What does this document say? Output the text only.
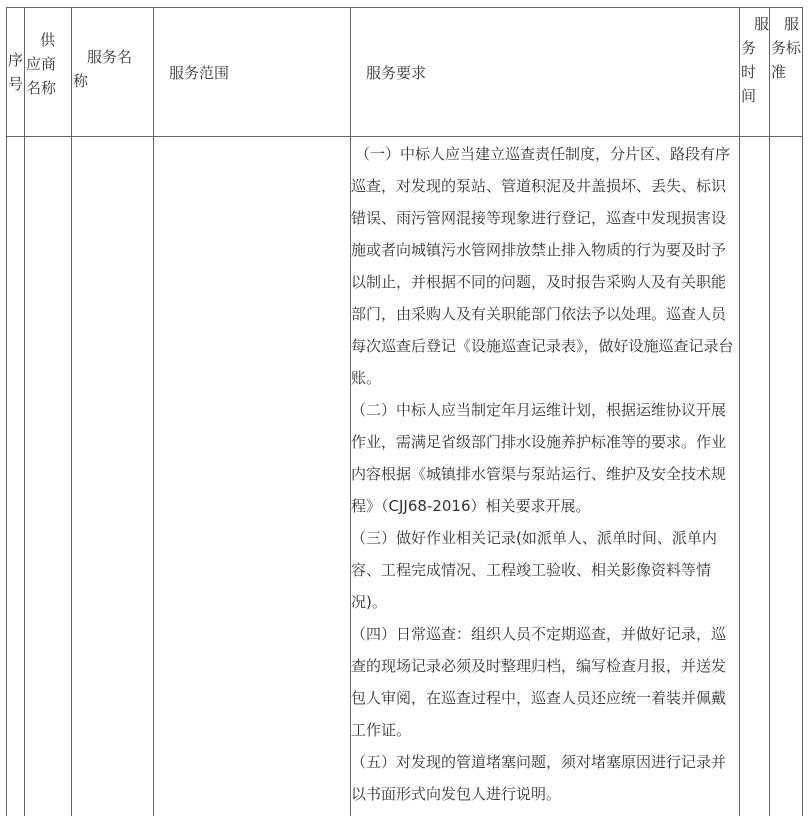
序号
供应商名称
服务名称	服务范围	服务要求
服务时间
服务标准

（一）中标人应当建立巡查责任制度，分片区、路段有序巡查，对发现的泵站、管道积泥及井盖损坏、丢失、标识错误、雨污管网混接等现象进行登记，巡查中发现损害设施或者向城镇污水管网排放禁止排入物质的行为要及时予以制止，并根据不同的问题，及时报告采购人及有关职能部门，由采购人及有关职能部门依法予以处理。巡查人员每次巡查后登记《设施巡查记录表》，做好设施巡查记录台账。

（二）中标人应当制定年月运维计划，根据运维协议开展作业，需满足省级部门排水设施养护标准等的要求。作业内容根据《城镇排水管渠与泵站运行、维护及安全技术规程》（CJJ68-2016）相关要求开展。

（三）做好作业相关记录(如派单人、派单时间、派单内容、工程完成情况、工程竣工验收、相关影像资料等情况)。

（四）日常巡查：组织人员不定期巡查，并做好记录，巡查的现场记录必须及时整理归档，编写检查月报，并送发包人审阅，在巡查过程中，巡查人员还应统一着装并佩戴工作证。

（五）对发现的管道堵塞问题，须对堵塞原因进行记录并以书面形式向发包人进行说明。
